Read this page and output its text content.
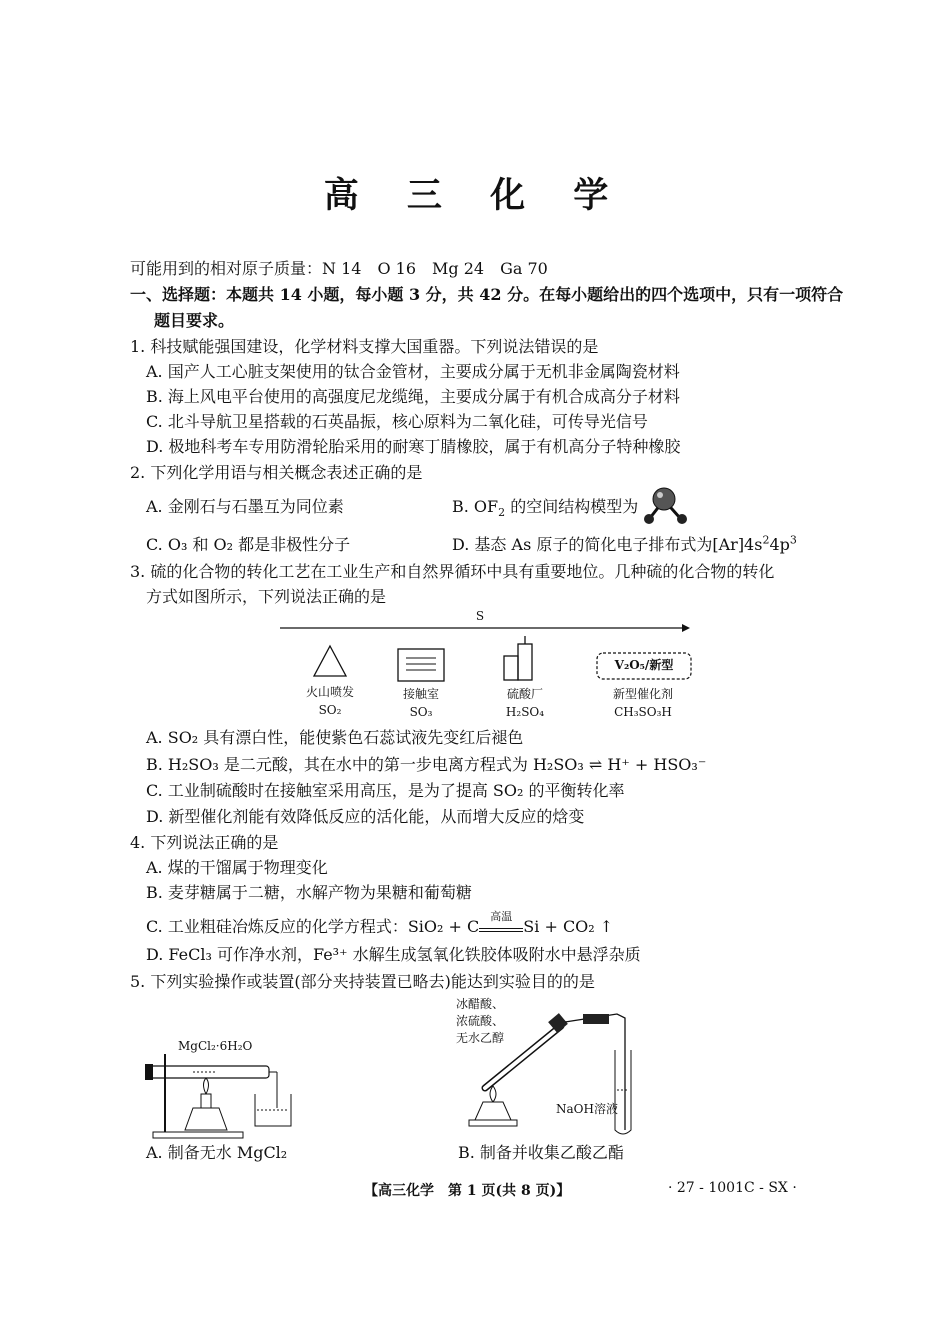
高 三 化 学
可能用到的相对原子质量：N 14　O 16　Mg 24　Ga 70
一、选择题：本题共 14 小题，每小题 3 分，共 42 分。在每小题给出的四个选项中，只有一项符合
题目要求。
1. 科技赋能强国建设，化学材料支撑大国重器。下列说法错误的是
A. 国产人工心脏支架使用的钛合金管材，主要成分属于无机非金属陶瓷材料
B. 海上风电平台使用的高强度尼龙缆绳，主要成分属于有机合成高分子材料
C. 北斗导航卫星搭载的石英晶振，核心原料为二氧化硅，可传导光信号
D. 极地科考车专用防滑轮胎采用的耐寒丁腈橡胶，属于有机高分子特种橡胶
2. 下列化学用语与相关概念表述正确的是
A. 金刚石与石墨互为同位素	B. $OF_2$ 的空间结构模型为
C. O₃ 和 O₂ 都是非极性分子	D. 基态 As 原子的简化电子排布式为$[Ar]4s^24p^3$
3. 硫的化合物的转化工艺在工业生产和自然界循环中具有重要地位。几种硫的化合物的转化
方式如图所示，下列说法正确的是
S
V₂O₅/新型
火山喷发
SO₂
接触室
SO₃
硫酸厂
H₂SO₄
新型催化剂
CH₃SO₃H
A. SO₂ 具有漂白性，能使紫色石蕊试液先变红后褪色
B. H₂SO₃ 是二元酸，其在水中的第一步电离方程式为 H₂SO₃ ⇌ H⁺ + HSO₃⁻
C. 工业制硫酸时在接触室采用高压，是为了提高 SO₂ 的平衡转化率
D. 新型催化剂能有效降低反应的活化能，从而增大反应的焓变
4. 下列说法正确的是
A. 煤的干馏属于物理变化
B. 麦芽糖属于二糖，水解产物为果糖和葡萄糖
C. 工业粗硅冶炼反应的化学方程式：SiO₂ + C
高温
Si + CO₂ ↑
D. FeCl₃ 可作净水剂，Fe³⁺ 水解生成氢氧化铁胶体吸附水中悬浮杂质
5. 下列实验操作或装置(部分夹持装置已略去)能达到实验目的的是
MgCl₂·6H₂O
A. 制备无水 MgCl₂
冰醋酸、
浓硫酸、
无水乙醇
NaOH溶液
B. 制备并收集乙酸乙酯
【高三化学　第 1 页(共 8 页)】	· 27 - 1001C - SX ·
